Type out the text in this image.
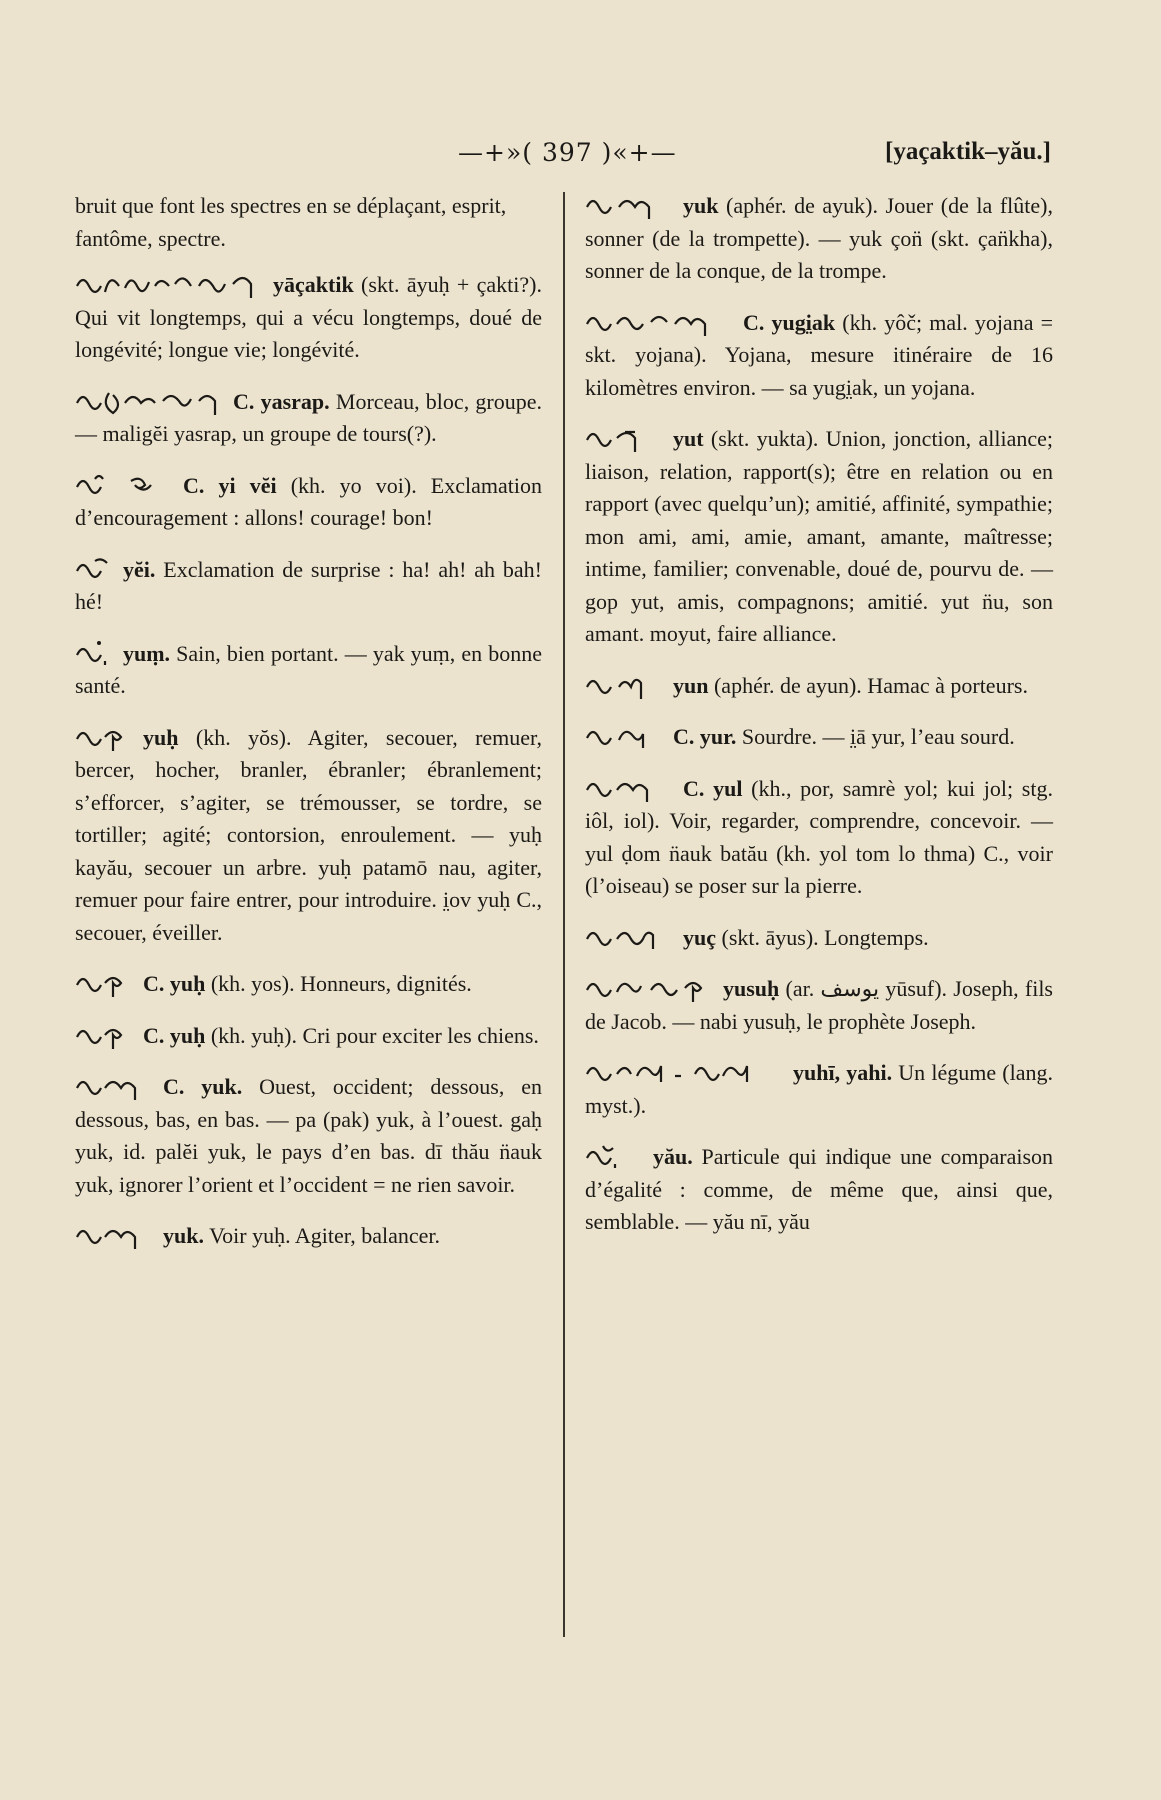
—+»( 397 )«+—	[yaçaktik–yău.]

bruit que font les spectres en se déplaçant, esprit, fantôme, spectre.

yāçaktik (skt. āyuḥ + çakti?). Qui vit longtemps, qui a vécu longtemps, doué de longévité; longue vie; longévité.

C. yasrap. Morceau, bloc, groupe. — maligĕi yasrap, un groupe de tours(?).

C. yi vĕi (kh. yo voi). Exclamation d’encouragement : allons! courage! bon!

yĕi. Exclamation de surprise : ha! ah! ah bah! hé!

yuṃ. Sain, bien portant. — yak yuṃ, en bonne santé.

yuḥ (kh. yŏs). Agiter, secouer, remuer, bercer, hocher, branler, ébranler; ébranlement; s’efforcer, s’agiter, se trémousser, se tordre, se tortiller; agité; contorsion, enroulement. — yuḥ kayău, secouer un arbre. yuḥ patamō nau, agiter, remuer pour faire entrer, pour introduire. i̤ov yuḥ C., secouer, éveiller.

C. yuḥ (kh. yos). Honneurs, dignités.

C. yuḥ (kh. yuḥ). Cri pour exciter les chiens.

C. yuk. Ouest, occident; dessous, en dessous, bas, en bas. — pa (pak) yuk, à l’ouest. gaḥ yuk, id. palĕi yuk, le pays d’en bas. dī thău n̈auk yuk, ignorer l’orient et l’occident = ne rien savoir.

yuk. Voir yuḥ. Agiter, balancer.

yuk (aphér. de ayuk). Jouer (de la flûte), sonner (de la trompette). — yuk çon̈ (skt. çan̈kha), sonner de la conque, de la trompe.

C. yugi̤ak (kh. yôč; mal. yojana = skt. yojana). Yojana, mesure itinéraire de 16 kilomètres environ. — sa yugi̤ak, un yojana.

yut (skt. yukta). Union, jonction, alliance; liaison, relation, rapport(s); être en relation ou en rapport (avec quelqu’un); amitié, affinité, sympathie; mon ami, ami, amie, amant, amante, maîtresse; intime, familier; convenable, doué de, pourvu de. — gop yut, amis, compagnons; amitié. yut n̈u, son amant. moyut, faire alliance.

yun (aphér. de ayun). Hamac à porteurs.

C. yur. Sourdre. — i̤ā yur, l’eau sourd.

C. yul (kh., por, samrè yol; kui jol; stg. iôl, iol). Voir, regarder, comprendre, concevoir. — yul ḍom n̈auk batău (kh. yol tom lo thma) C., voir (l’oiseau) se poser sur la pierre.

yuç (skt. āyus). Longtemps.

yusuḥ (ar. يوسف yūsuf). Joseph, fils de Jacob. — nabi yusuḥ, le prophète Joseph.

yuhī, yahi. Un légume (lang. myst.).

yău. Particule qui indique une comparaison d’égalité : comme, de même que, ainsi que, semblable. — yău nī, yău
